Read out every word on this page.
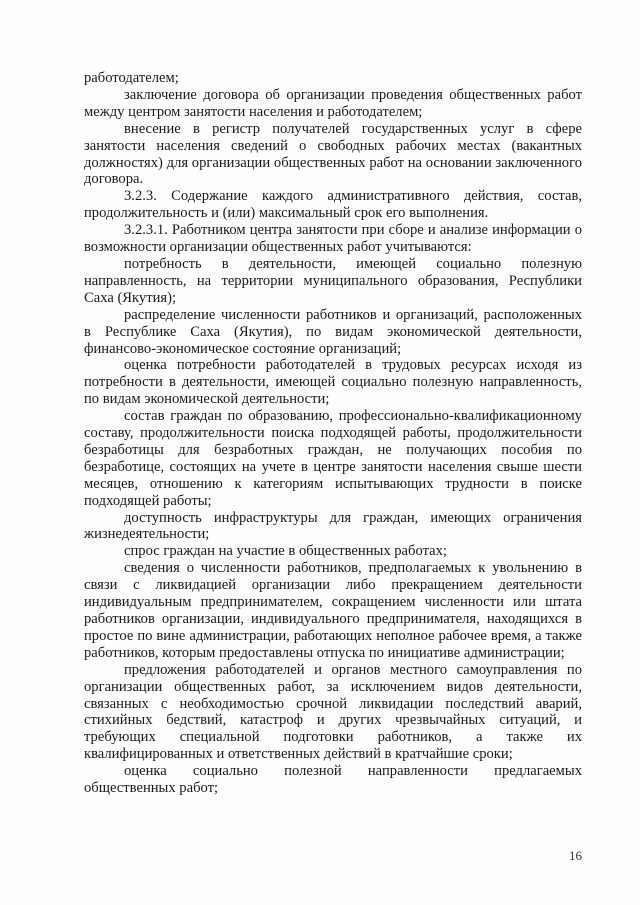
работодателем;

заключение договора об организации проведения общественных работ между центром занятости населения и работодателем;

внесение в регистр получателей государственных услуг в сфере занятости населения сведений о свободных рабочих местах (вакантных должностях) для организации общественных работ на основании заключенного договора.

3.2.3. Содержание каждого административного действия, состав, продолжительность и (или) максимальный срок его выполнения.

3.2.3.1. Работником центра занятости при сборе и анализе информации о возможности организации общественных работ учитываются:

потребность в деятельности, имеющей социально полезную направленность, на территории муниципального образования, Республики Саха (Якутия);

распределение численности работников и организаций, расположенных в Республике Саха (Якутия), по видам экономической деятельности, финансово-экономическое состояние организаций;

оценка потребности работодателей в трудовых ресурсах исходя из потребности в деятельности, имеющей социально полезную направленность, по видам экономической деятельности;

состав граждан по образованию, профессионально-квалификационному составу, продолжительности поиска подходящей работы, продолжительности безработицы для безработных граждан, не получающих пособия по безработице, состоящих на учете в центре занятости населения свыше шести месяцев, отношению к категориям испытывающих трудности в поиске подходящей работы;

доступность инфраструктуры для граждан, имеющих ограничения жизнедеятельности;

спрос граждан на участие в общественных работах;

сведения о численности работников, предполагаемых к увольнению в связи с ликвидацией организации либо прекращением деятельности индивидуальным предпринимателем, сокращением численности или штата работников организации, индивидуального предпринимателя, находящихся в простое по вине администрации, работающих неполное рабочее время, а также работников, которым предоставлены отпуска по инициативе администрации;

предложения работодателей и органов местного самоуправления по организации общественных работ, за исключением видов деятельности, связанных с необходимостью срочной ликвидации последствий аварий, стихийных бедствий, катастроф и других чрезвычайных ситуаций, и требующих специальной подготовки работников, а также их квалифицированных и ответственных действий в кратчайшие сроки;

оценка социально полезной направленности предлагаемых общественных работ;

16
